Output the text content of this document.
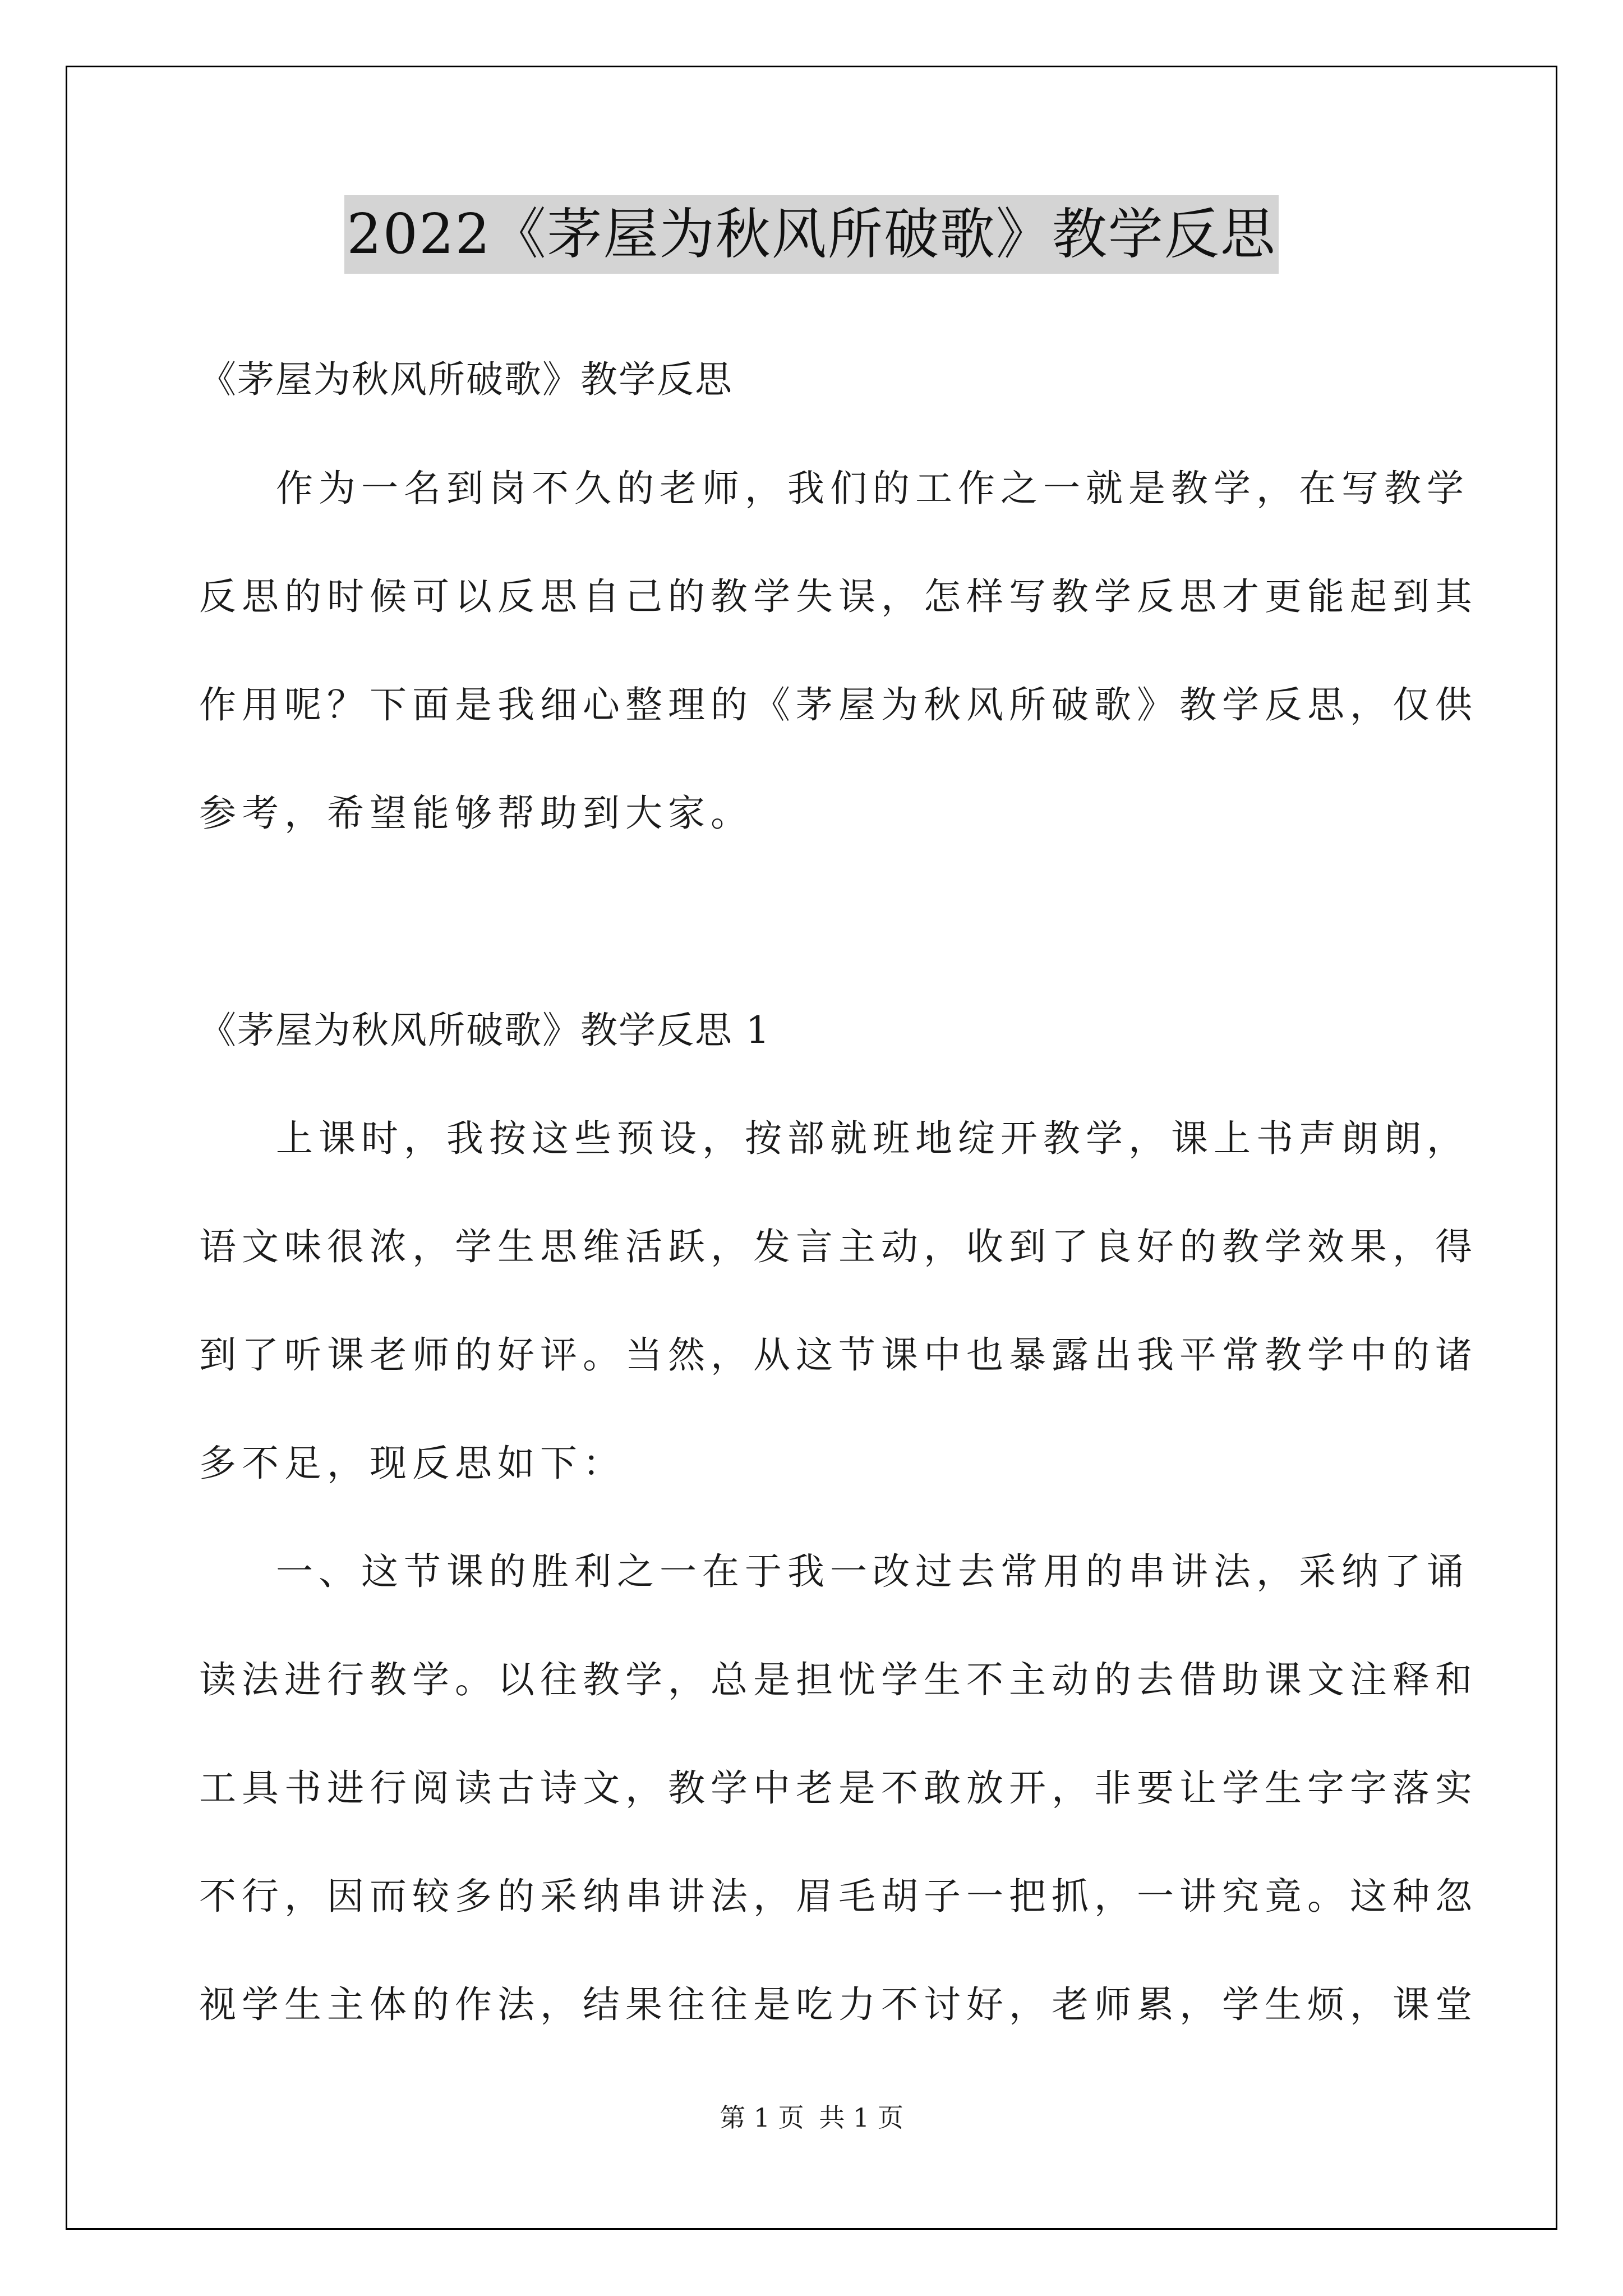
2022《茅屋为秋风所破歌》教学反思
《茅屋为秋风所破歌》教学反思
作为一名到岗不久的老师，我们的工作之一就是教学，在写教学
反思的时候可以反思自己的教学失误，怎样写教学反思才更能起到其
作用呢？下面是我细心整理的《茅屋为秋风所破歌》教学反思，仅供
参考，希望能够帮助到大家。
《茅屋为秋风所破歌》教学反思 1
上课时，我按这些预设，按部就班地绽开教学，课上书声朗朗，
语文味很浓，学生思维活跃，发言主动，收到了良好的教学效果，得
到了听课老师的好评。当然，从这节课中也暴露出我平常教学中的诸
多不足，现反思如下：
一、这节课的胜利之一在于我一改过去常用的串讲法，采纳了诵
读法进行教学。以往教学，总是担忧学生不主动的去借助课文注释和
工具书进行阅读古诗文，教学中老是不敢放开，非要让学生字字落实
不行，因而较多的采纳串讲法，眉毛胡子一把抓，一讲究竟。这种忽
视学生主体的作法，结果往往是吃力不讨好，老师累，学生烦，课堂
第 1 页 共 1 页
